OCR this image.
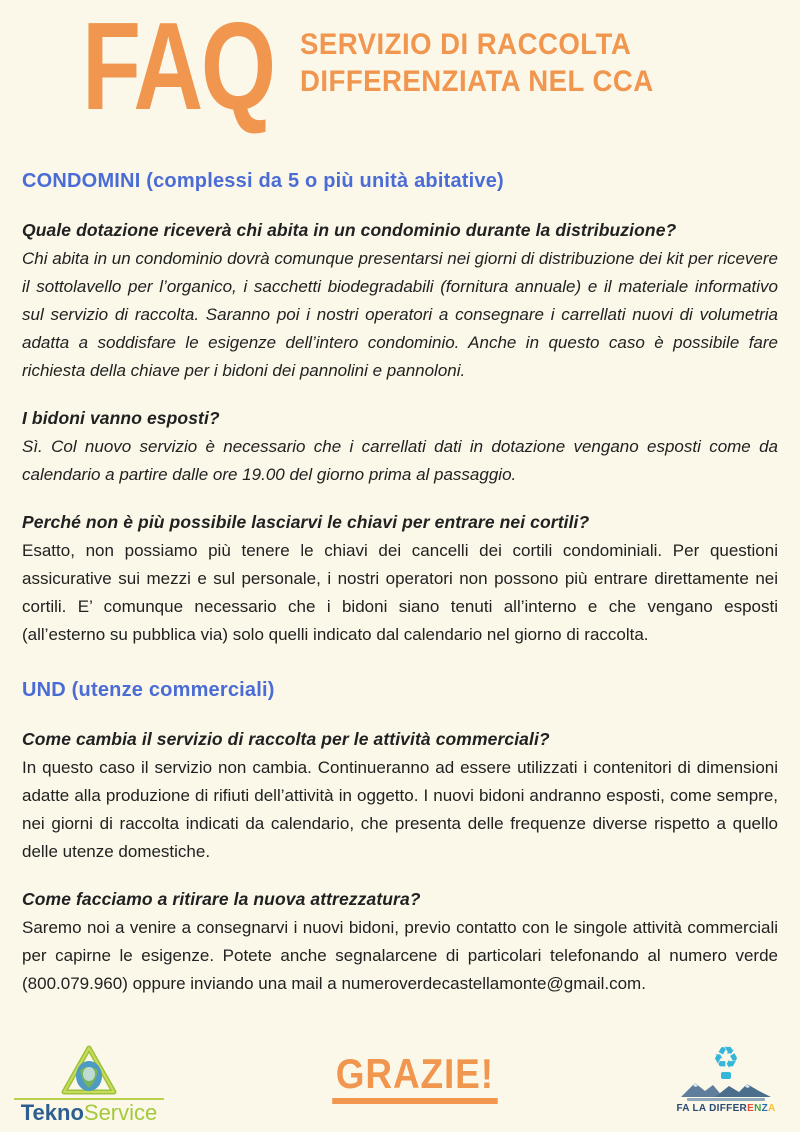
FAQ SERVIZIO DI RACCOLTA
DIFFERENZIATA NEL CCA
CONDOMINI (complessi da 5 o più unità abitative)

Quale dotazione riceverà chi abita in un condominio durante la distribuzione?

Chi abita in un condominio dovrà comunque presentarsi nei giorni di distribuzione dei kit per ricevere il sottolavello per l’organico, i sacchetti biodegradabili (fornitura annuale) e il materiale informativo sul servizio di raccolta. Saranno poi i nostri operatori a consegnare i carrellati nuovi di volumetria adatta a soddisfare le esigenze dell’intero condominio. Anche in questo caso è possibile fare richiesta della chiave per i bidoni dei pannolini e pannoloni.

I bidoni vanno esposti?

Sì. Col nuovo servizio è necessario che i carrellati dati in dotazione vengano esposti come da calendario a partire dalle ore 19.00 del giorno prima al passaggio.

Perché non è più possibile lasciarvi le chiavi per entrare nei cortili?

Esatto, non possiamo più tenere le chiavi dei cancelli dei cortili condominiali. Per questioni assicurative sui mezzi e sul personale, i nostri operatori non possono più entrare direttamente nei cortili. E’ comunque necessario che i bidoni siano tenuti all’interno e che vengano esposti (all’esterno su pubblica via) solo quelli indicato dal calendario nel giorno di raccolta.

UND (utenze commerciali)

Come cambia il servizio di raccolta per le attività commerciali?

In questo caso il servizio non cambia. Continueranno ad essere utilizzati i contenitori di dimensioni adatte alla produzione di rifiuti dell’attività in oggetto. I nuovi bidoni andranno esposti, come sempre, nei giorni di raccolta indicati da calendario, che presenta delle frequenze diverse rispetto a quello delle utenze domestiche.

Come facciamo a ritirare la nuova attrezzatura?

Saremo noi a venire a consegnarvi i nuovi bidoni, previo contatto con le singole attività commerciali per capirne le esigenze. Potete anche segnalarcene di particolari telefonando al numero verde (800.079.960) oppure inviando una mail a numeroverdecastellamonte@gmail.com.

TeknoService
GRAZIE!	♻
FA LA DIFFERENZA
